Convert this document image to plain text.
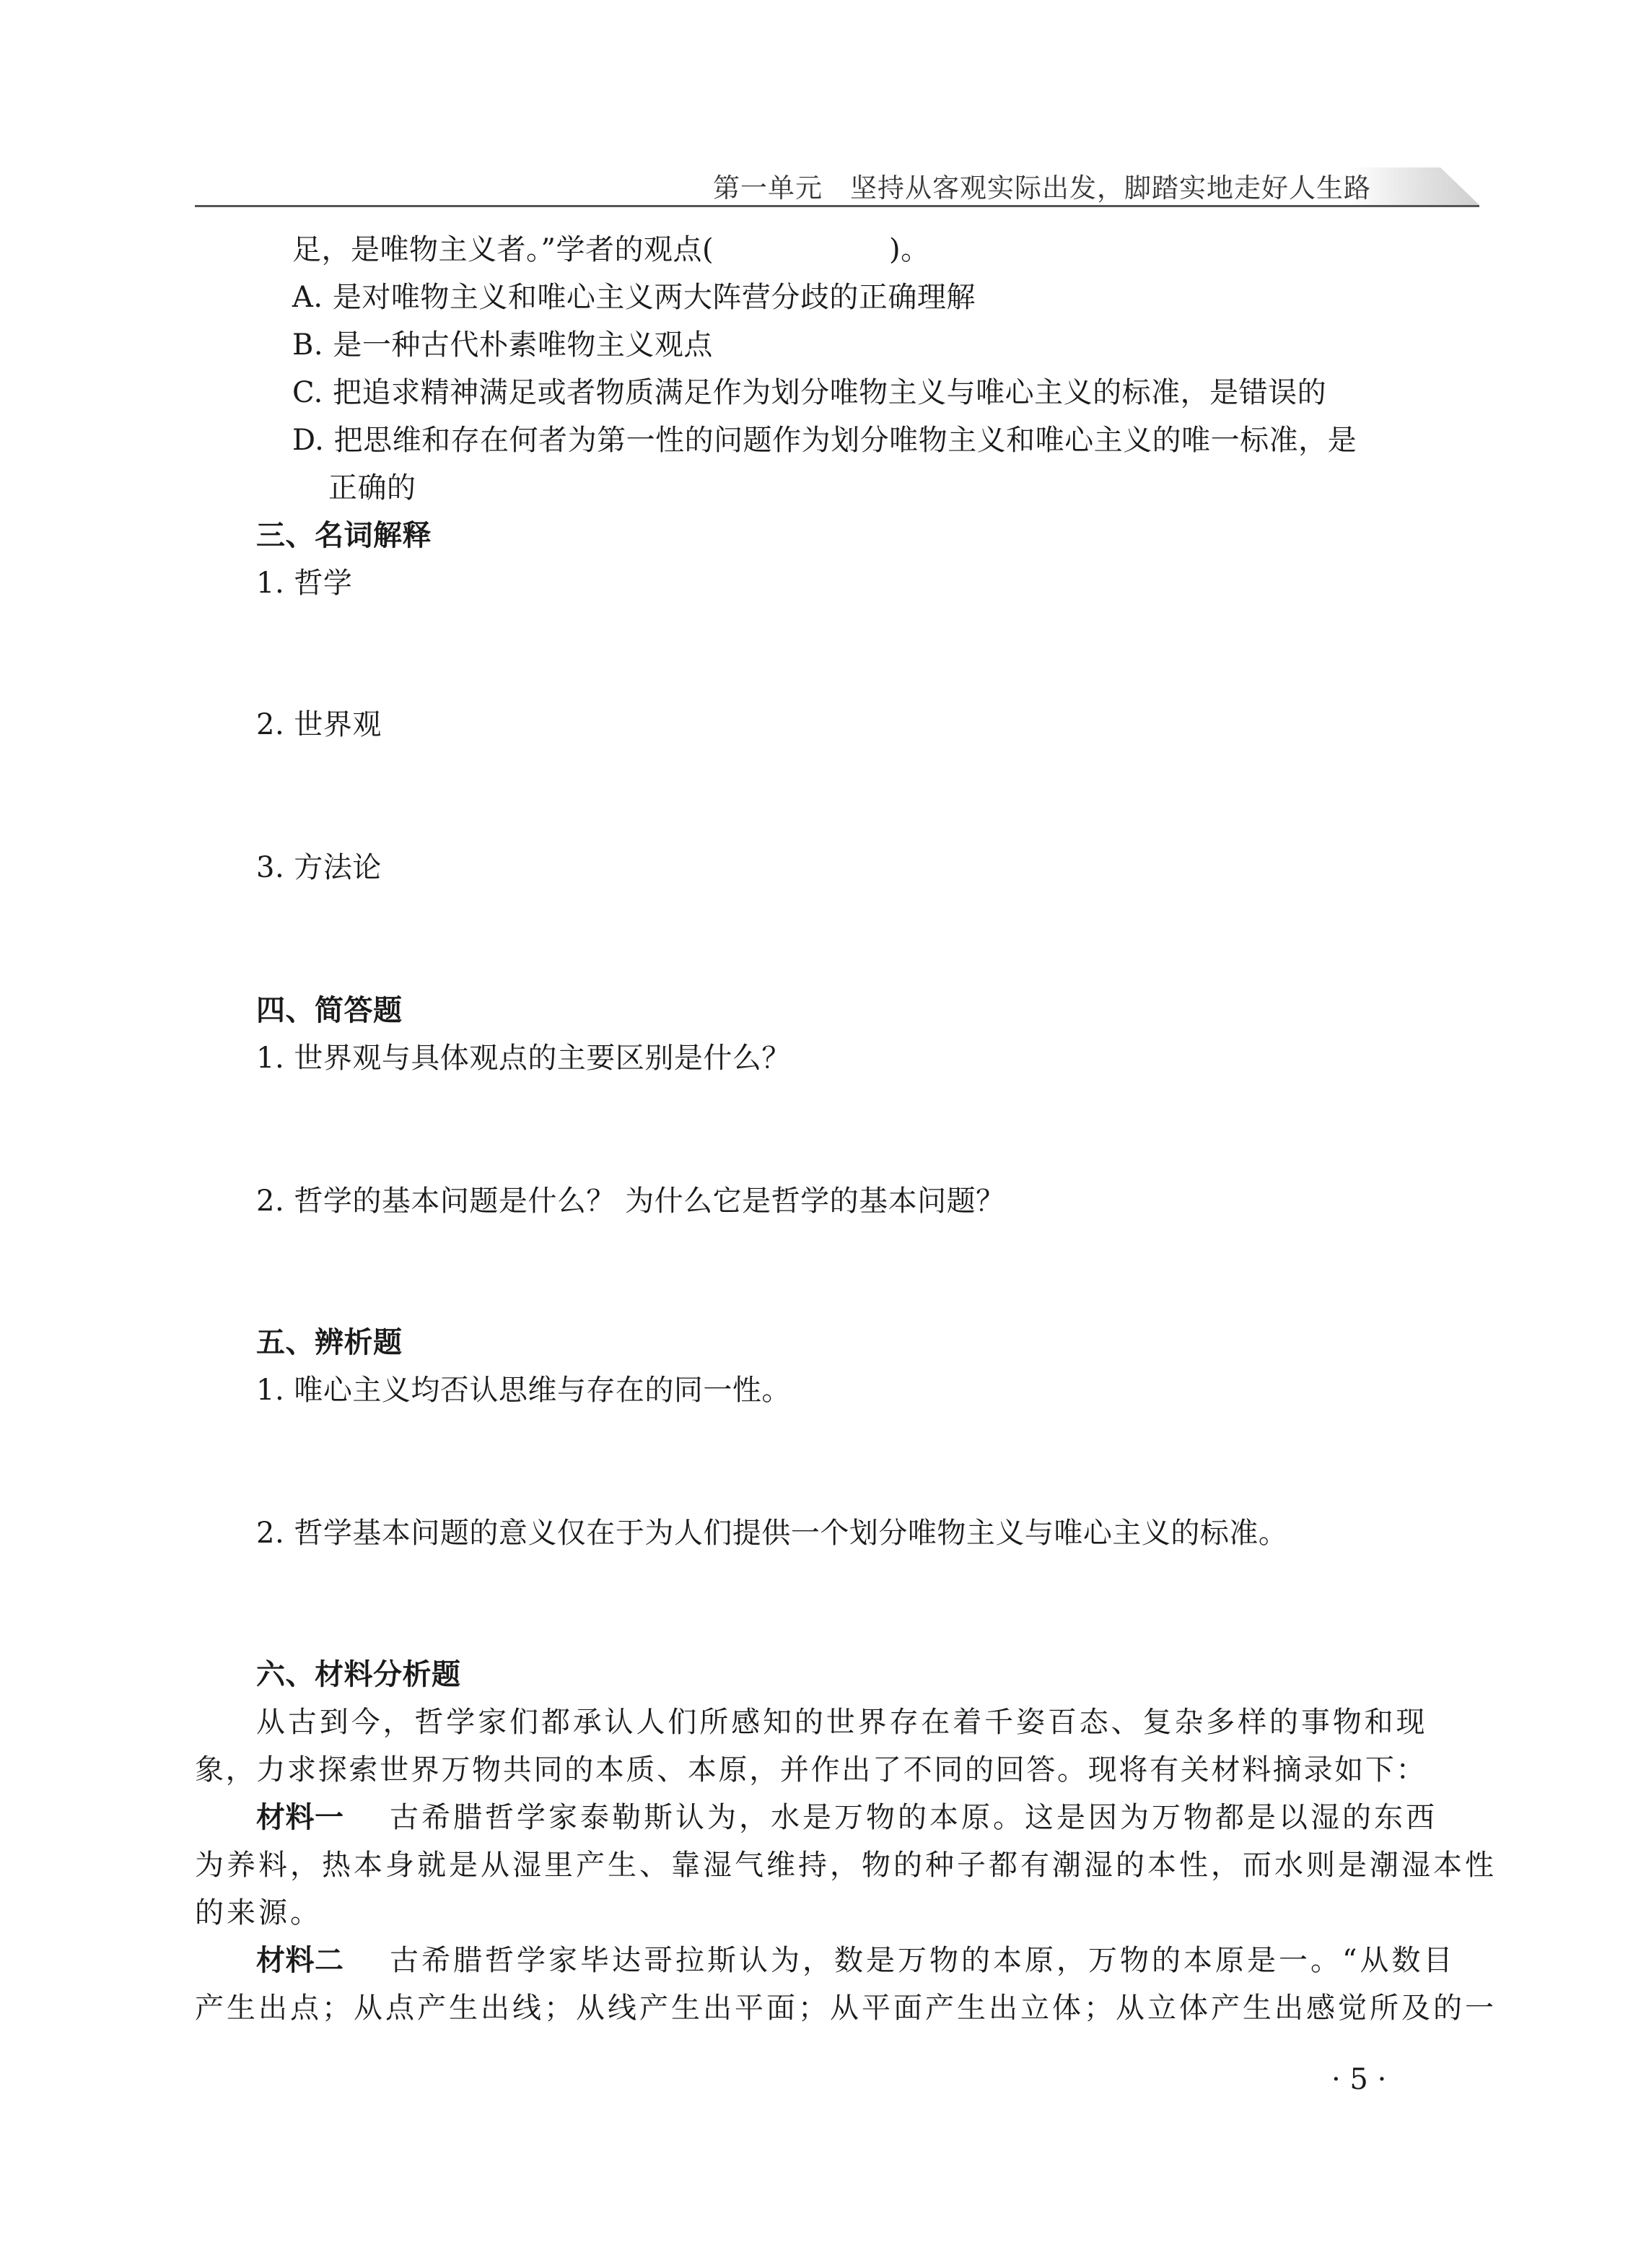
第一单元　坚持从客观实际出发，脚踏实地走好人生路
足，是唯物主义者。”学者的观点(　　　　　　)。
A. 是对唯物主义和唯心主义两大阵营分歧的正确理解
B. 是一种古代朴素唯物主义观点
C. 把追求精神满足或者物质满足作为划分唯物主义与唯心主义的标准，是错误的
D. 把思维和存在何者为第一性的问题作为划分唯物主义和唯心主义的唯一标准，是
正确的
三、名词解释
1. 哲学
2. 世界观
3. 方法论
四、简答题
1. 世界观与具体观点的主要区别是什么？
2. 哲学的基本问题是什么？ 为什么它是哲学的基本问题？
五、辨析题
1. 唯心主义均否认思维与存在的同一性。
2. 哲学基本问题的意义仅在于为人们提供一个划分唯物主义与唯心主义的标准。
六、材料分析题
从古到今，哲学家们都承认人们所感知的世界存在着千姿百态、复杂多样的事物和现
象，力求探索世界万物共同的本质、本原，并作出了不同的回答。现将有关材料摘录如下：
材料一 古希腊哲学家泰勒斯认为，水是万物的本原。这是因为万物都是以湿的东西
为养料，热本身就是从湿里产生、靠湿气维持，物的种子都有潮湿的本性，而水则是潮湿本性
的来源。
材料二 古希腊哲学家毕达哥拉斯认为，数是万物的本原，万物的本原是一。“从数目
产生出点；从点产生出线；从线产生出平面；从平面产生出立体；从立体产生出感觉所及的一
· 5 ·
